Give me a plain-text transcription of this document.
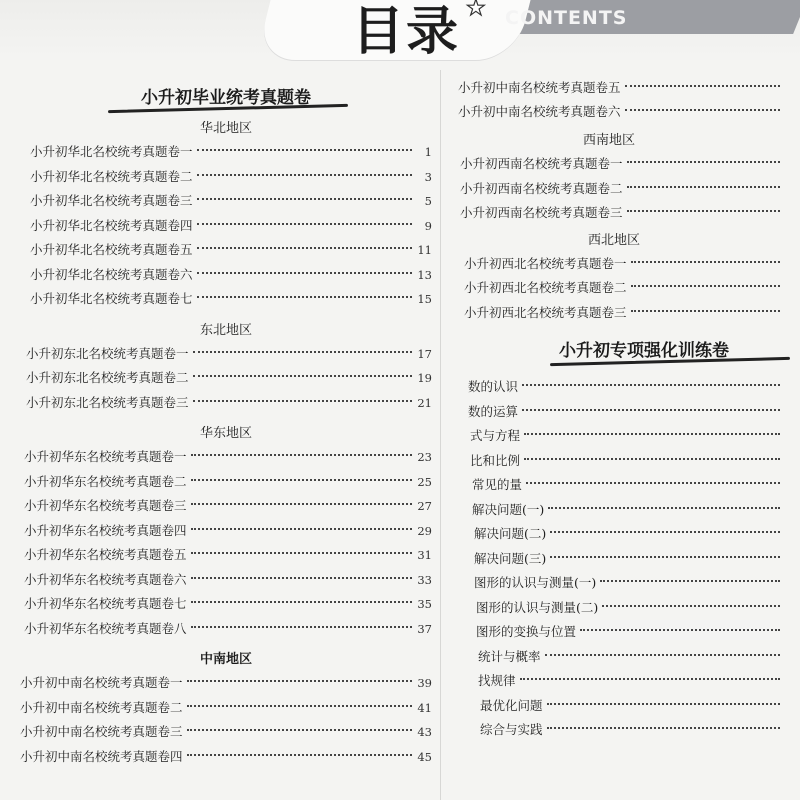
目录 ★ CONTENTS
小升初毕业统考真题卷
华北地区
小升初华北名校统考真题卷一	1
小升初华北名校统考真题卷二	3
小升初华北名校统考真题卷三	5
小升初华北名校统考真题卷四	9
小升初华北名校统考真题卷五	11
小升初华北名校统考真题卷六	13
小升初华北名校统考真题卷七	15
东北地区
小升初东北名校统考真题卷一	17
小升初东北名校统考真题卷二	19
小升初东北名校统考真题卷三	21
华东地区
小升初华东名校统考真题卷一	23
小升初华东名校统考真题卷二	25
小升初华东名校统考真题卷三	27
小升初华东名校统考真题卷四	29
小升初华东名校统考真题卷五	31
小升初华东名校统考真题卷六	33
小升初华东名校统考真题卷七	35
小升初华东名校统考真题卷八	37
中南地区
小升初中南名校统考真题卷一	39
小升初中南名校统考真题卷二	41
小升初中南名校统考真题卷三	43
小升初中南名校统考真题卷四	45
小升初中南名校统考真题卷五
小升初中南名校统考真题卷六
西南地区
小升初西南名校统考真题卷一
小升初西南名校统考真题卷二
小升初西南名校统考真题卷三
西北地区
小升初西北名校统考真题卷一
小升初西北名校统考真题卷二
小升初西北名校统考真题卷三
小升初专项强化训练卷
数的认识
数的运算
式与方程
比和比例
常见的量
解决问题(一)
解决问题(二)
解决问题(三)
图形的认识与测量(一)
图形的认识与测量(二)
图形的变换与位置
统计与概率
找规律
最优化问题
综合与实践
